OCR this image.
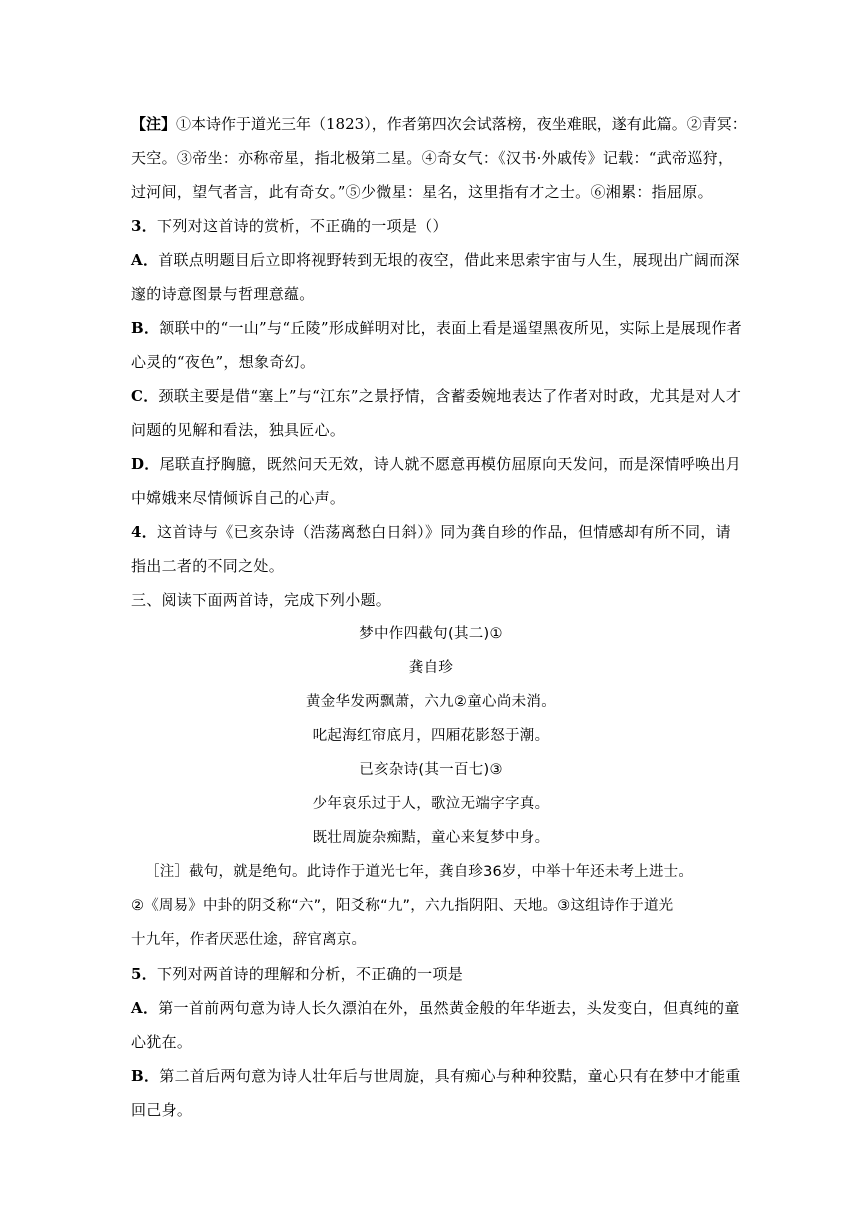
【注】①本诗作于道光三年（1823），作者第四次会试落榜，夜坐难眠，遂有此篇。②青冥：
天空。③帝坐：亦称帝星，指北极第二星。④奇女气：《汉书·外戚传》记载：“武帝巡狩，
过河间，望气者言，此有奇女。”⑤少微星：星名，这里指有才之士。⑥湘累：指屈原。
3．下列对这首诗的赏析，不正确的一项是（）
A．首联点明题目后立即将视野转到无垠的夜空，借此来思索宇宙与人生，展现出广阔而深
邃的诗意图景与哲理意蕴。
B．颔联中的“一山”与“丘陵”形成鲜明对比，表面上看是遥望黑夜所见，实际上是展现作者
心灵的“夜色”，想象奇幻。
C．颈联主要是借“塞上”与“江东”之景抒情，含蓄委婉地表达了作者对时政，尤其是对人才
问题的见解和看法，独具匠心。
D．尾联直抒胸臆，既然问天无效，诗人就不愿意再模仿屈原向天发问，而是深情呼唤出月
中嫦娥来尽情倾诉自己的心声。
4．这首诗与《已亥杂诗（浩荡离愁白日斜）》同为龚自珍的作品，但情感却有所不同，请
指出二者的不同之处。
三、阅读下面两首诗，完成下列小题。
梦中作四截句(其二)①
龚自珍
黄金华发两飘萧，六九②童心尚未消。
叱起海红帘底月，四厢花影怒于潮。
已亥杂诗(其一百七)③
少年哀乐过于人，歌泣无端字字真。
既壮周旋杂痴黠，童心来复梦中身。
［注］截句，就是绝句。此诗作于道光七年，龚自珍36岁，中举十年还未考上进士。
②《周易》中卦的阴爻称“六”，阳爻称“九”，六九指阴阳、天地。③这组诗作于道光
十九年，作者厌恶仕途，辞官离京。
5．下列对两首诗的理解和分析，不正确的一项是
A．第一首前两句意为诗人长久漂泊在外，虽然黄金般的年华逝去，头发变白，但真纯的童
心犹在。
B．第二首后两句意为诗人壮年后与世周旋，具有痴心与种种狡黠，童心只有在梦中才能重
回己身。
